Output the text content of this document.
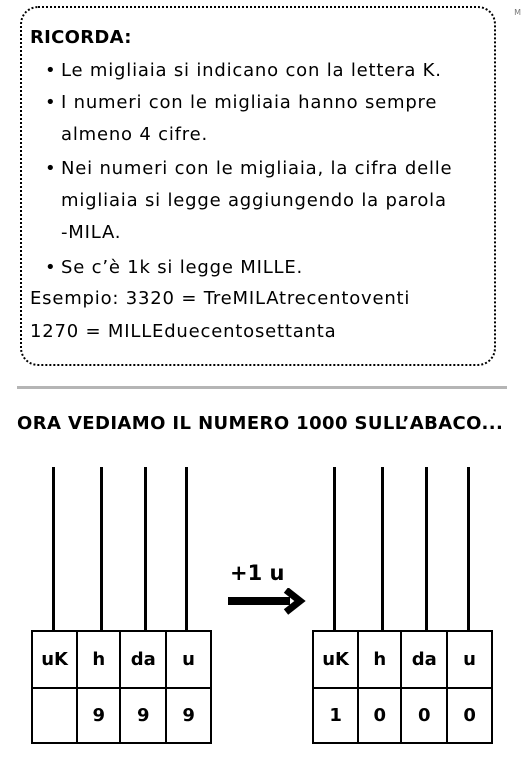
M
RICORDA:
• Le migliaia si indicano con la lettera K.
• I numeri con le migliaia hanno sempre
almeno 4 cifre.
• Nei numeri con le migliaia, la cifra delle
migliaia si legge aggiungendo la parola
-MILA.
• Se c’è 1k si legge MILLE.
Esempio: 3320 = TreMILAtrecentoventi
1270 = MILLEduecentosettanta
ORA VEDIAMO IL NUMERO 1000 SULL’ABACO...
uK	h	da	u
	9	9	9
+1 u
uK	h	da	u
1	0	0	0
